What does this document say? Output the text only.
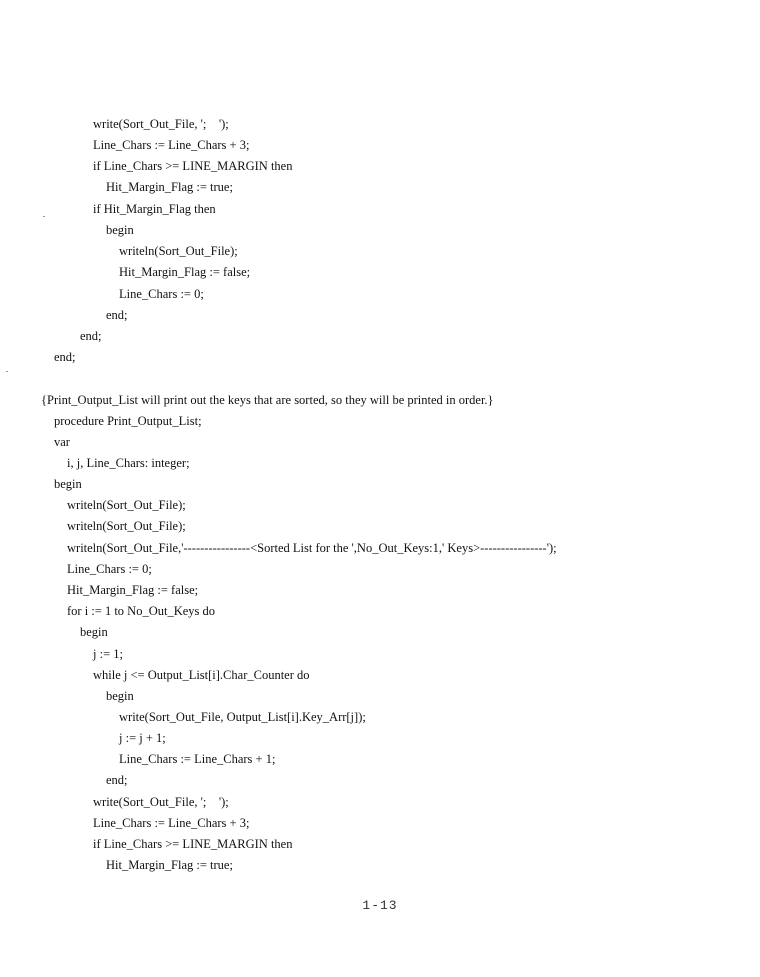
write(Sort_Out_File, ';    ');
Line_Chars := Line_Chars + 3;
if Line_Chars >= LINE_MARGIN then
Hit_Margin_Flag := true;
if Hit_Margin_Flag then
begin
writeln(Sort_Out_File);
Hit_Margin_Flag := false;
Line_Chars := 0;
end;
end;
end;
{Print_Output_List will print out the keys that are sorted, so they will be printed in order.}
procedure Print_Output_List;
var
i, j, Line_Chars: integer;
begin
writeln(Sort_Out_File);
writeln(Sort_Out_File);
writeln(Sort_Out_File,'----------------<Sorted List for the ',No_Out_Keys:1,' Keys>----------------');
Line_Chars := 0;
Hit_Margin_Flag := false;
for i := 1 to No_Out_Keys do
begin
j := 1;
while j <= Output_List[i].Char_Counter do
begin
write(Sort_Out_File, Output_List[i].Key_Arr[j]);
j := j + 1;
Line_Chars := Line_Chars + 1;
end;
write(Sort_Out_File, ';    ');
Line_Chars := Line_Chars + 3;
if Line_Chars >= LINE_MARGIN then
Hit_Margin_Flag := true;
1-13
